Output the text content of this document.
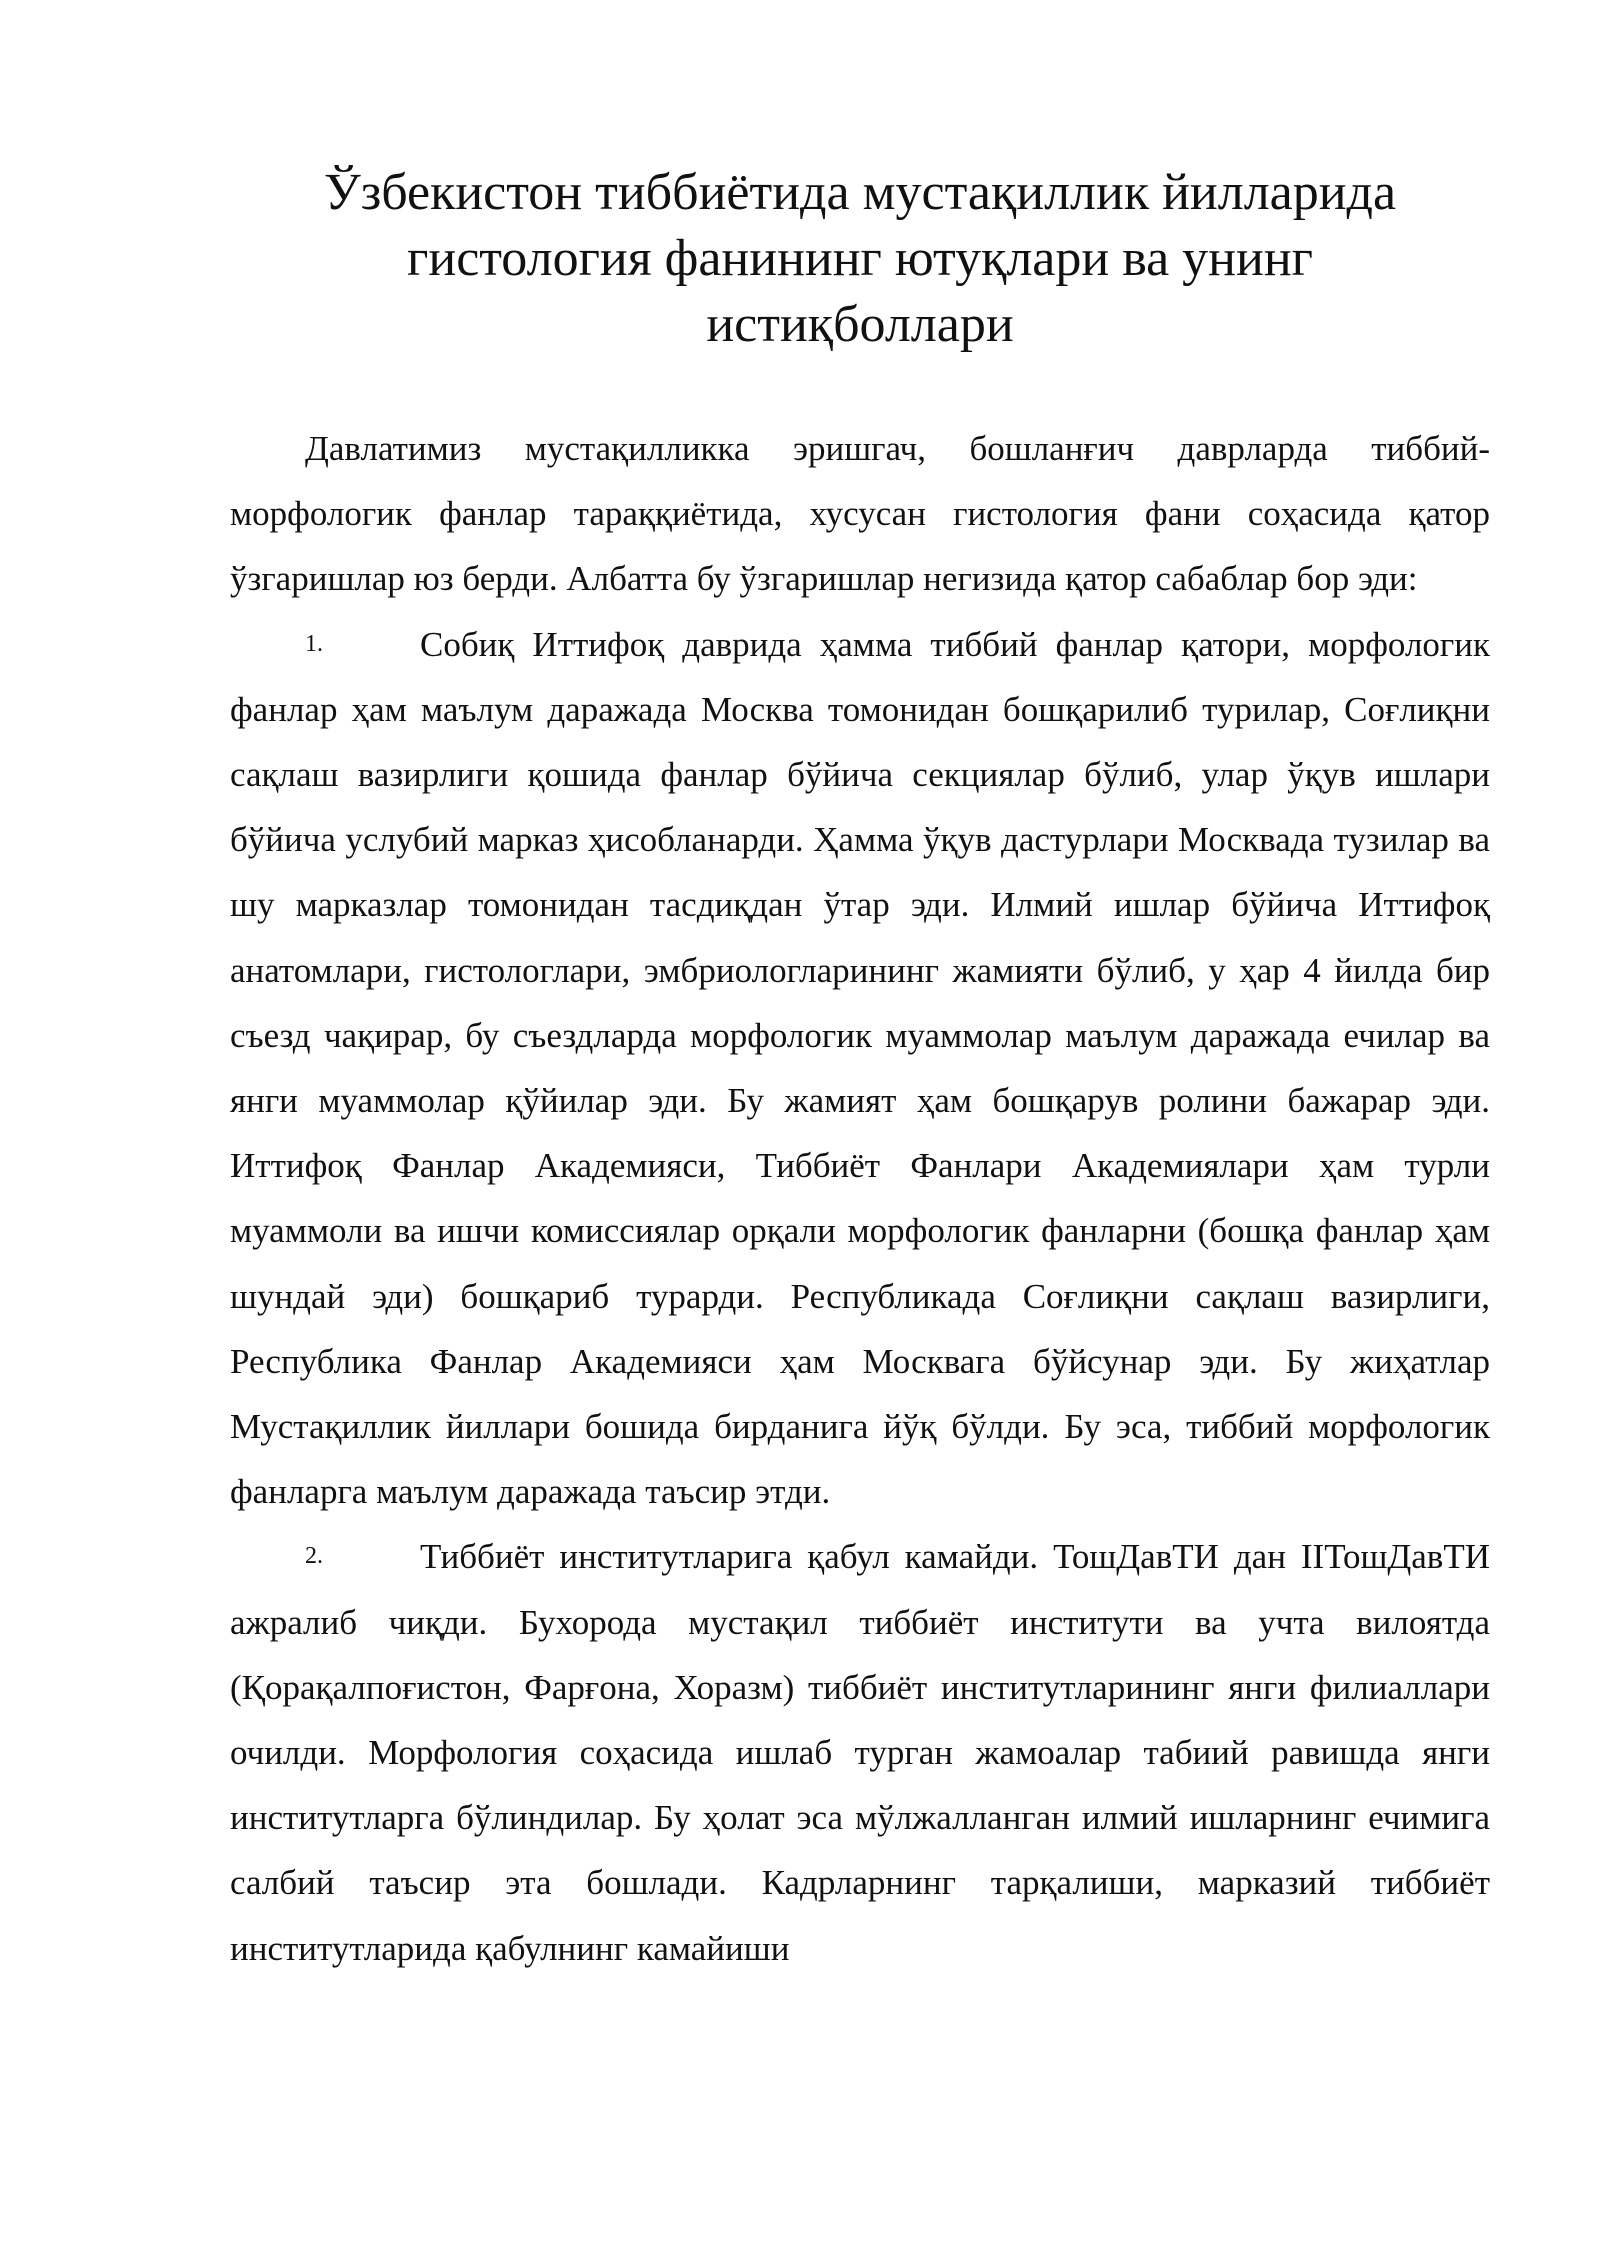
Ўзбекистон тиббиётида мустақиллик йилларида
гистология фанининг ютуқлари ва унинг
истиқболлари

Давлатимиз мустақилликка эришгач, бошланғич даврларда тиббий-морфологик фанлар тараққиётида, хусусан гистология фани соҳасида қатор ўзгаришлар юз берди. Албатта бу ўзгаришлар негизида қатор сабаблар бор эди:

1.	Собиқ Иттифоқ даврида ҳамма тиббий фанлар қатори, морфологик фанлар ҳам маълум даражада Москва томонидан бошқарилиб турилар, Соғлиқни сақлаш вазирлиги қошида фанлар бўйича секциялар бўлиб, улар ўқув ишлари бўйича услубий марказ ҳисобланарди. Ҳамма ўқув дастурлари Москвада тузилар ва шу марказлар томонидан тасдиқдан ўтар эди. Илмий ишлар бўйича Иттифоқ анатомлари, гистологлари, эмбриологларининг жамияти бўлиб, у ҳар 4 йилда бир съезд чақирар, бу съездларда морфологик муаммолар маълум даражада ечилар ва янги муаммолар қўйилар эди. Бу жамият ҳам бошқарув ролини бажарар эди. Иттифоқ Фанлар Академияси, Тиббиёт Фанлари Академиялари ҳам турли муаммоли ва ишчи комиссиялар орқали морфологик фанларни (бошқа фанлар ҳам шундай эди) бошқариб турарди. Республикада Соғлиқни сақлаш вазирлиги, Республика Фанлар Академияси ҳам Москвага бўйсунар эди. Бу жиҳатлар Мустақиллик йиллари бошида бирданига йўқ бўлди. Бу эса, тиббий морфологик фанларга маълум даражада таъсир этди.

2.	Тиббиёт институтларига қабул камайди. ТошДавТИ дан IIТошДавТИ ажралиб чиқди. Бухорода мустақил тиббиёт институти ва учта вилоятда (Қорақалпоғистон, Фарғона, Хоразм) тиббиёт институтларининг янги филиаллари очилди. Морфология соҳасида ишлаб турган жамоалар табиий равишда янги институтларга бўлиндилар. Бу ҳолат эса мўлжалланган илмий ишларнинг ечимига салбий таъсир эта бошлади. Кадрларнинг тарқалиши, марказий тиббиёт институтларида қабулнинг камайиши
